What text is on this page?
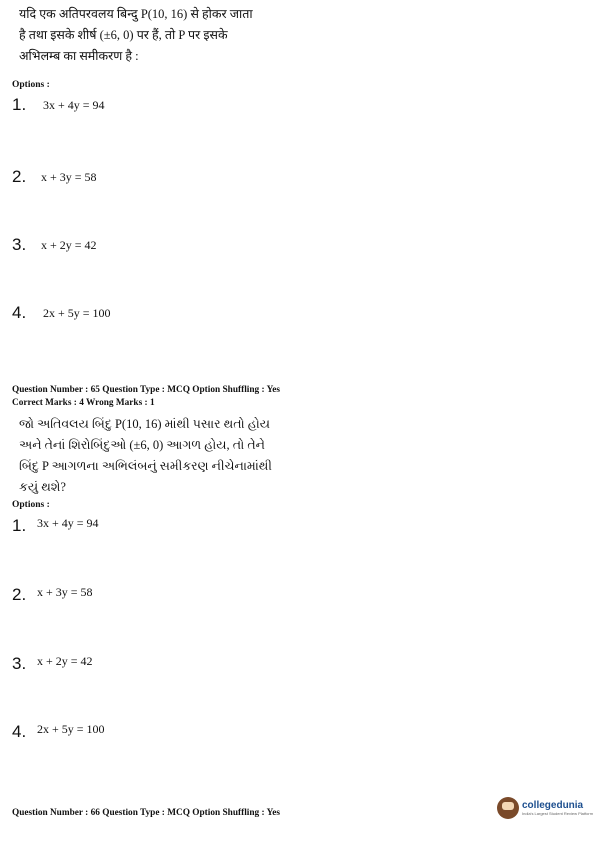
यदि एक अतिपरवलय बिन्दु P(10, 16) से होकर जाता
है तथा इसके शीर्ष (±6, 0) पर हैं, तो P पर इसके
अभिलम्ब का समीकरण है :
Options :
1. 3x + 4y = 94
2. x + 3y = 58
3. x + 2y = 42
4. 2x + 5y = 100
Question Number : 65 Question Type : MCQ Option Shuffling : Yes
Correct Marks : 4 Wrong Marks : 1
જો અતિવલય બિંદુ P(10, 16) માંથી પસાર થતો હોય
અને તેનાં શિરોબિંદુઓ (±6, 0) આગળ હોય, તો તેને
બિંદુ P આગળના અભિલંબનું સમીકરણ નીચેનામાંથી
કયું થશે?
Options :
1. 3x + 4y = 94
2. x + 3y = 58
3. x + 2y = 42
4. 2x + 5y = 100
Question Number : 66 Question Type : MCQ Option Shuffling : Yes
collegedunia
India's Largest Student Review Platform
